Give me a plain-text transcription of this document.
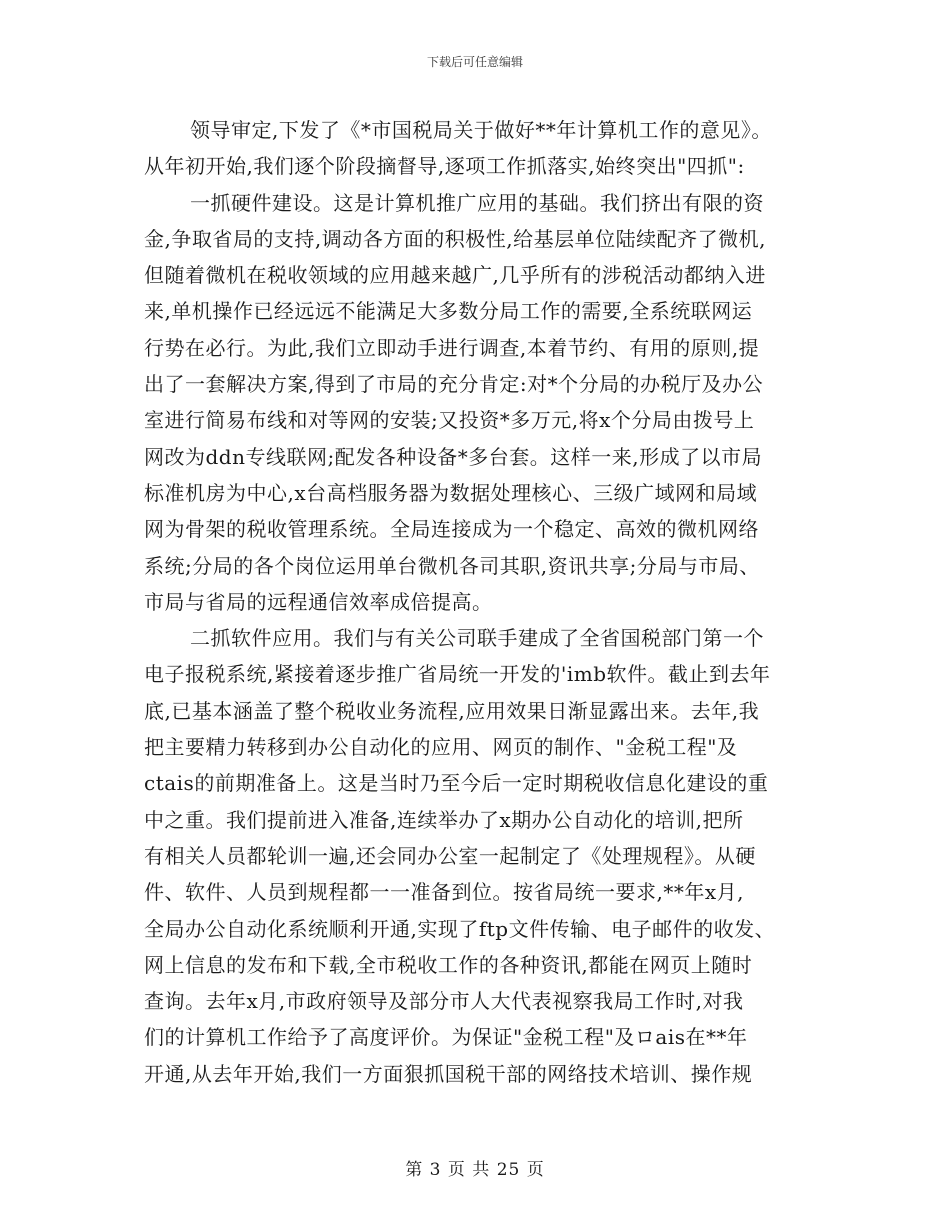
下载后可任意编辑
领导审定,下发了《*市国税局关于做好**年计算机工作的意见》。
从年初开始,我们逐个阶段摘督导,逐项工作抓落实,始终突出"四抓":
一抓硬件建设。这是计算机推广应用的基础。我们挤出有限的资
金,争取省局的支持,调动各方面的积极性,给基层单位陆续配齐了微机,
但随着微机在税收领域的应用越来越广,几乎所有的涉税活动都纳入进
来,单机操作已经远远不能满足大多数分局工作的需要,全系统联网运
行势在必行。为此,我们立即动手进行调查,本着节约、有用的原则,提
出了一套解决方案,得到了市局的充分肯定:对*个分局的办税厅及办公
室进行简易布线和对等网的安装;又投资*多万元,将x个分局由拨号上
网改为ddn专线联网;配发各种设备*多台套。这样一来,形成了以市局
标准机房为中心,x台高档服务器为数据处理核心、三级广域网和局域
网为骨架的税收管理系统。全局连接成为一个稳定、高效的微机网络
系统;分局的各个岗位运用单台微机各司其职,资讯共享;分局与市局、
市局与省局的远程通信效率成倍提高。
二抓软件应用。我们与有关公司联手建成了全省国税部门第一个
电子报税系统,紧接着逐步推广省局统一开发的'imb软件。截止到去年
底,已基本涵盖了整个税收业务流程,应用效果日渐显露出来。去年,我
把主要精力转移到办公自动化的应用、网页的制作、"金税工程"及
ctais的前期准备上。这是当时乃至今后一定时期税收信息化建设的重
中之重。我们提前进入准备,连续举办了x期办公自动化的培训,把所
有相关人员都轮训一遍,还会同办公室一起制定了《处理规程》。从硬
件、软件、人员到规程都一一准备到位。按省局统一要求,**年x月,
全局办公自动化系统顺利开通,实现了ftp文件传输、电子邮件的收发、
网上信息的发布和下载,全市税收工作的各种资讯,都能在网页上随时
查询。去年x月,市政府领导及部分市人大代表视察我局工作时,对我
们的计算机工作给予了高度评价。为保证"金税工程"及ロais在**年
开通,从去年开始,我们一方面狠抓国税干部的网络技术培训、操作规
第 3 页 共 25 页
